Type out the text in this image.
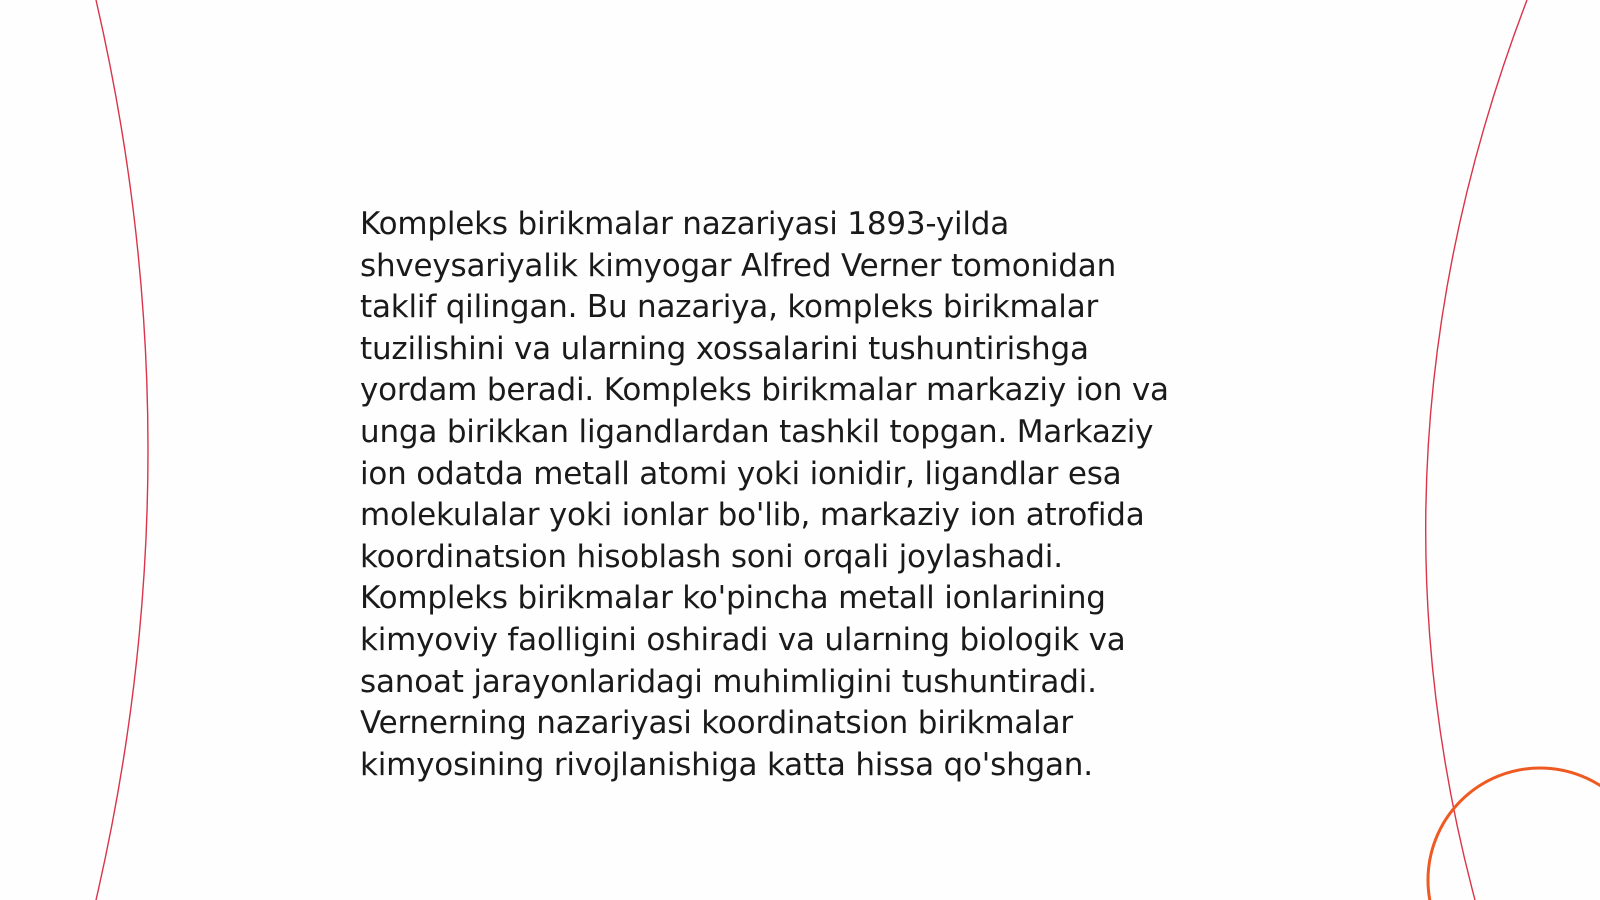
Kompleks birikmalar nazariyasi 1893-yilda
shveysariyalik kimyogar Alfred Verner tomonidan
taklif qilingan. Bu nazariya, kompleks birikmalar
tuzilishini va ularning xossalarini tushuntirishga
yordam beradi. Kompleks birikmalar markaziy ion va
unga birikkan ligandlardan tashkil topgan. Markaziy
ion odatda metall atomi yoki ionidir, ligandlar esa
molekulalar yoki ionlar bo'lib, markaziy ion atrofida
koordinatsion hisoblash soni orqali joylashadi.
Kompleks birikmalar ko'pincha metall ionlarining
kimyoviy faolligini oshiradi va ularning biologik va
sanoat jarayonlaridagi muhimligini tushuntiradi.
Vernerning nazariyasi koordinatsion birikmalar
kimyosining rivojlanishiga katta hissa qo'shgan.
